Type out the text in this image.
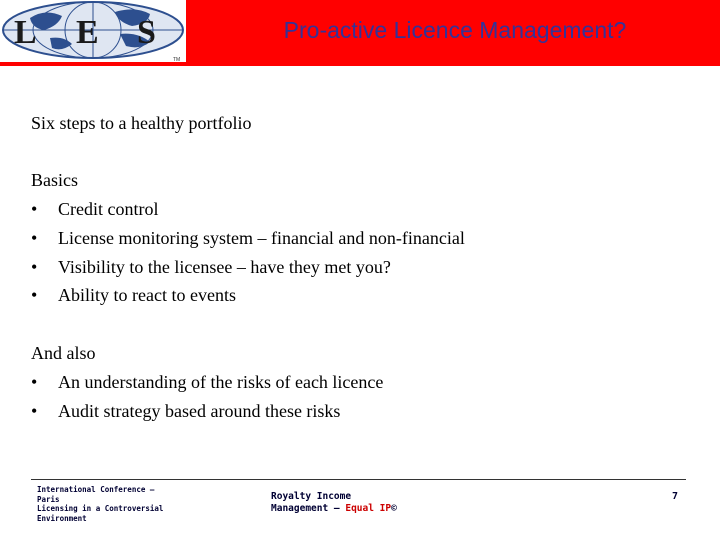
L E S
TM
Pro-active Licence Management?
Six steps to a healthy portfolio
Basics
• Credit control
• License monitoring system – financial and non-financial
• Visibility to the licensee – have they met you?
• Ability to react to events
And also
• An understanding of the risks of each licence
• Audit strategy based around these risks
International Conference –
Paris
Licensing in a Controversial
Environment
Royalty Income
Management – Equal IP©
7
